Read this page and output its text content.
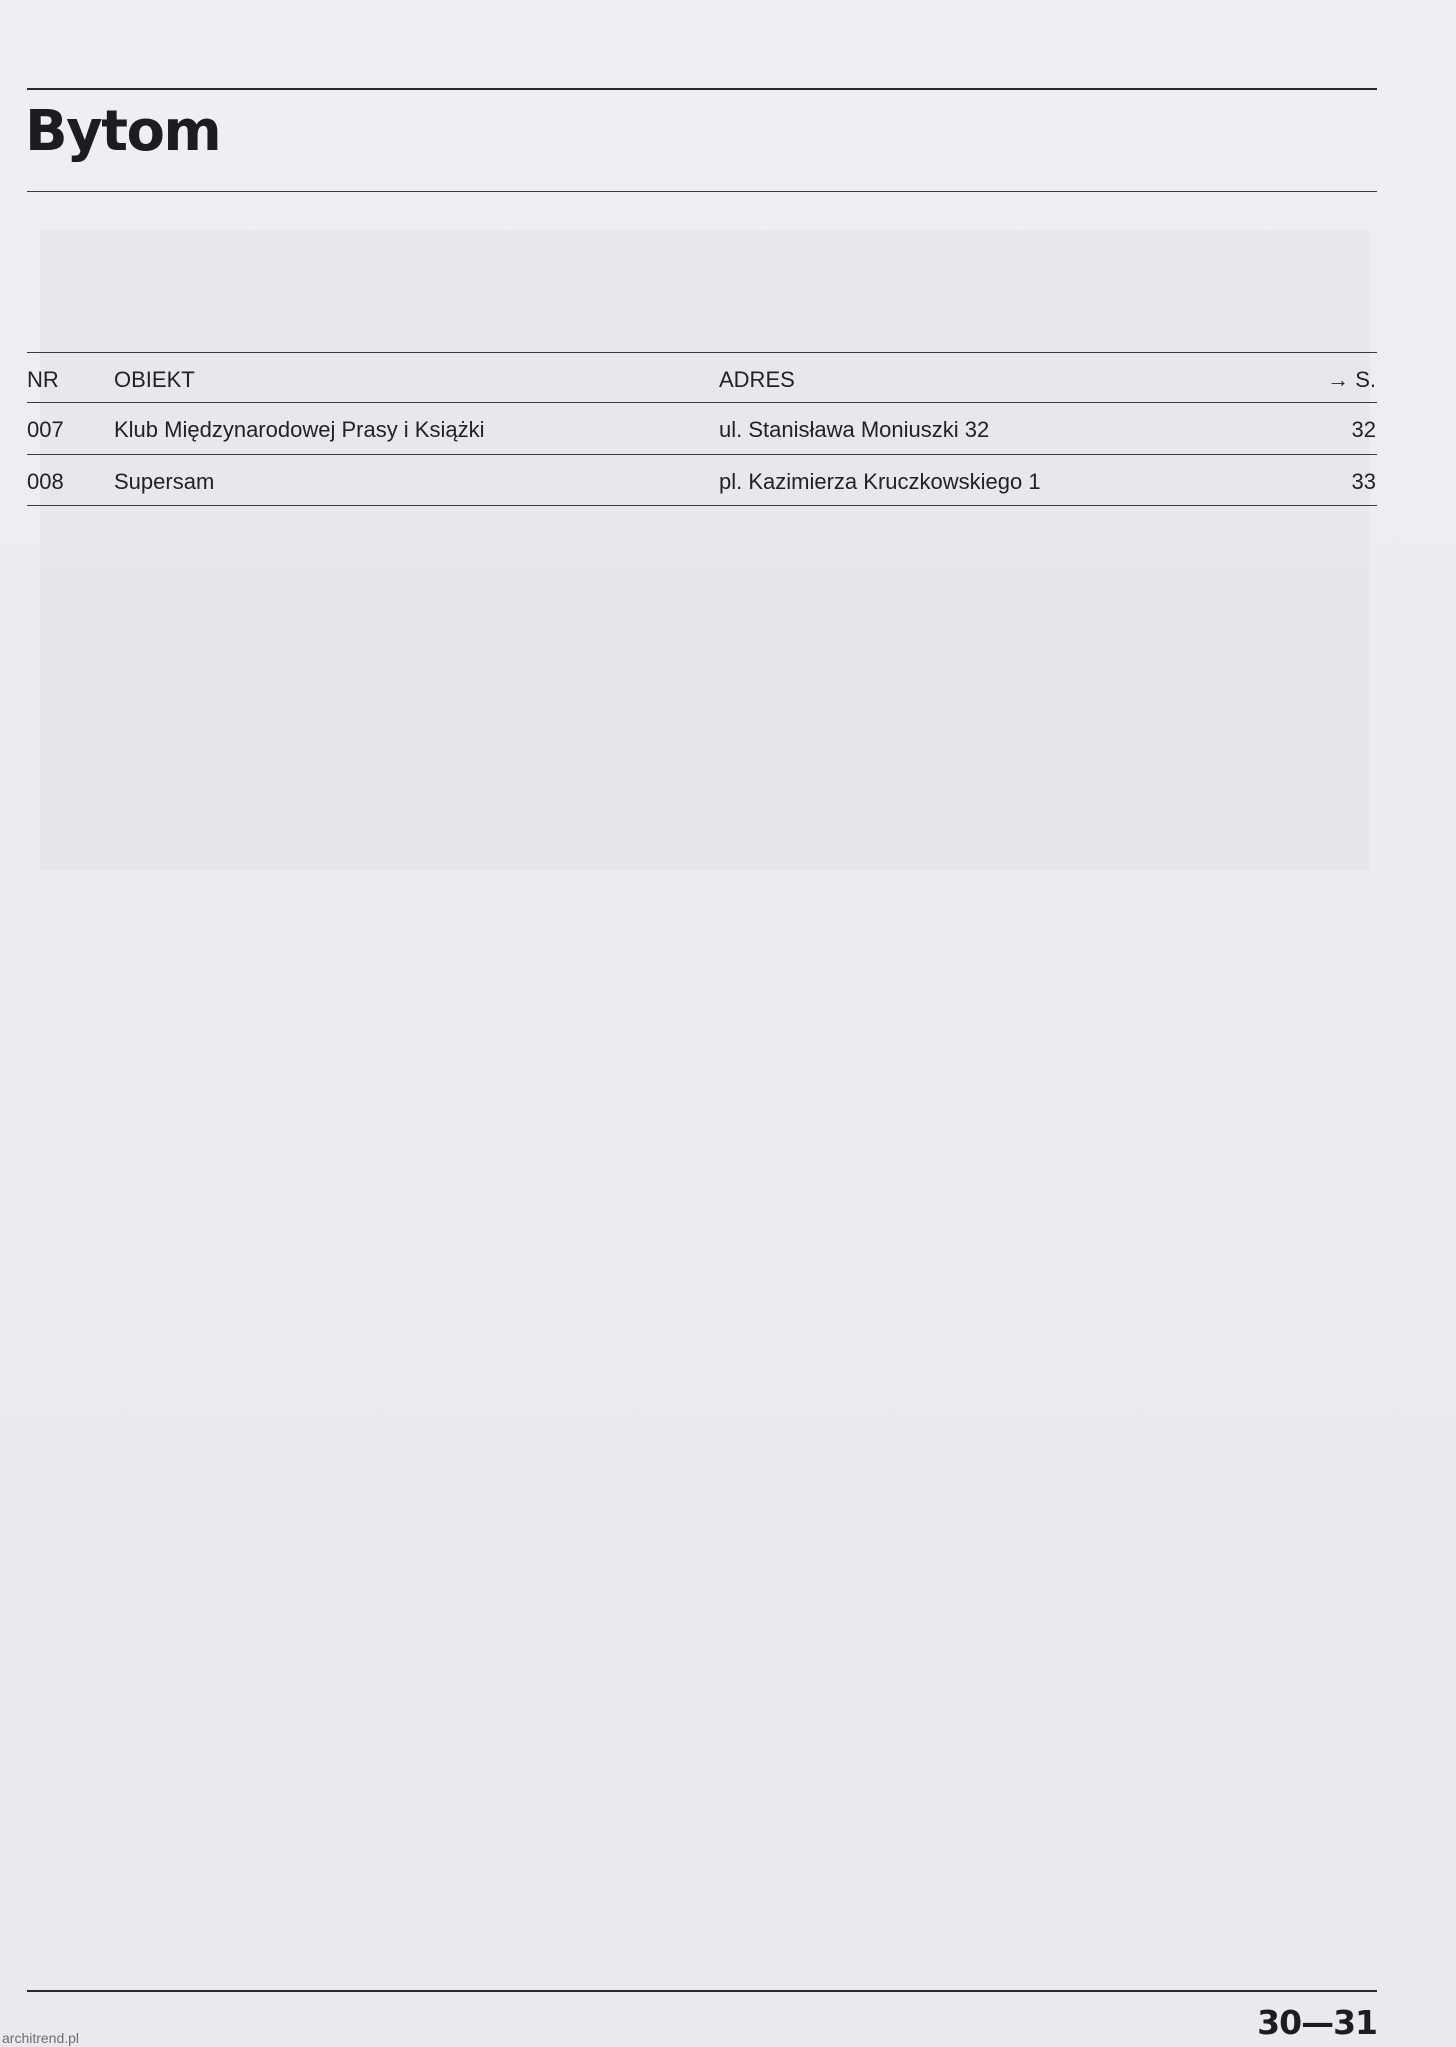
Bytom
NR	OBIEKT	ADRES	→ S.
007 Klub Międzynarodowej Prasy i Książki	ul. Stanisława Moniuszki 32	32
008 Supersam	pl. Kazimierza Kruczkowskiego 1	33
30—31
architrend.pl
